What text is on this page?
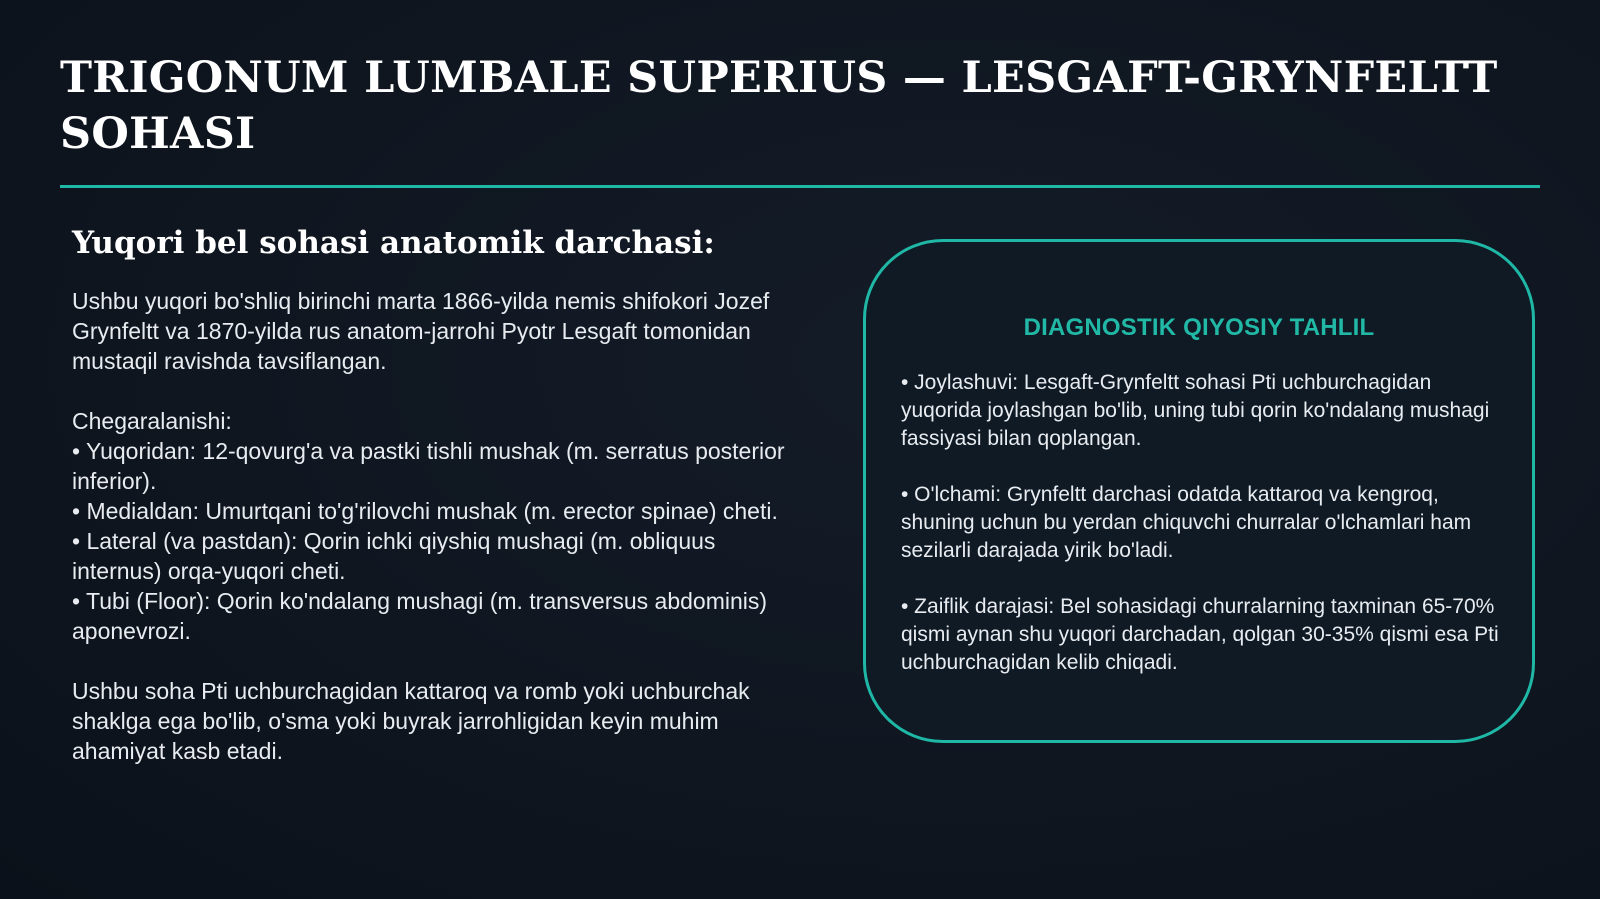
TRIGONUM LUMBALE SUPERIUS — LESGAFT-GRYNFELTT SOHASI
Yuqori bel sohasi anatomik darchasi:

Ushbu yuqori bo'shliq birinchi marta 1866-yilda nemis shifokori Jozef Grynfeltt va 1870-yilda rus anatom-jarrohi Pyotr Lesgaft tomonidan mustaqil ravishda tavsiflangan.

Chegaralanishi:

• Yuqoridan: 12-qovurg'a va pastki tishli mushak (m. serratus posterior inferior).

• Medialdan: Umurtqani to'g'rilovchi mushak (m. erector spinae) cheti.

• Lateral (va pastdan): Qorin ichki qiyshiq mushagi (m. obliquus internus) orqa-yuqori cheti.

• Tubi (Floor): Qorin ko'ndalang mushagi (m. transversus abdominis) aponevrozi.

Ushbu soha Pti uchburchagidan kattaroq va romb yoki uchburchak shaklga ega bo'lib, o'sma yoki buyrak jarrohligidan keyin muhim ahamiyat kasb etadi.

DIAGNOSTIK QIYOSIY TAHLIL

• Joylashuvi: Lesgaft-Grynfeltt sohasi Pti uchburchagidan yuqorida joylashgan bo'lib, uning tubi qorin ko'ndalang mushagi fassiyasi bilan qoplangan.

• O'lchami: Grynfeltt darchasi odatda kattaroq va kengroq, shuning uchun bu yerdan chiquvchi churralar o'lchamlari ham sezilarli darajada yirik bo'ladi.

• Zaiflik darajasi: Bel sohasidagi churralarning taxminan 65-70% qismi aynan shu yuqori darchadan, qolgan 30-35% qismi esa Pti uchburchagidan kelib chiqadi.
